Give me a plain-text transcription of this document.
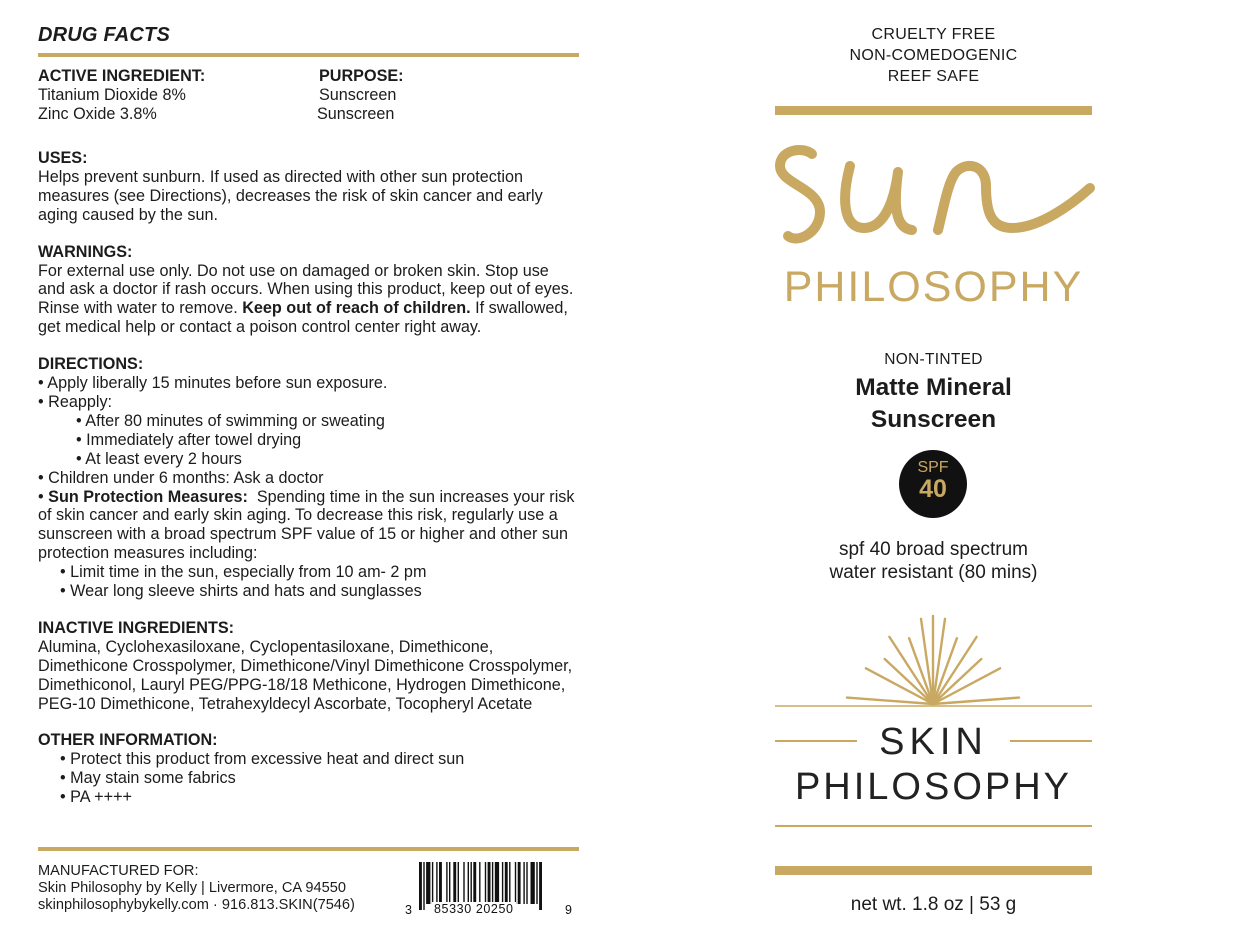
DRUG FACTS
ACTIVE INGREDIENT:
Titanium Dioxide 8%
Zinc Oxide 3.8%
PURPOSE:
Sunscreen
Sunscreen
USES:
Helps prevent sunburn. If used as directed with other sun protection measures (see Directions), decreases the risk of skin cancer and early aging caused by the sun.
WARNINGS:
For external use only. Do not use on damaged or broken skin. Stop use and ask a doctor if rash occurs. When using this product, keep out of eyes. Rinse with water to remove. Keep out of reach of children. If swallowed, get medical help or contact a poison control center right away.
DIRECTIONS:
• Apply liberally 15 minutes before sun exposure.
• Reapply:
• After 80 minutes of swimming or sweating
• Immediately after towel drying
• At least every 2 hours
• Children under 6 months: Ask a doctor
• Sun Protection Measures:  Spending time in the sun increases your risk of skin cancer and early skin aging. To decrease this risk, regularly use a sunscreen with a broad spectrum SPF value of 15 or higher and other sun protection measures including:
• Limit time in the sun, especially from 10 am- 2 pm
• Wear long sleeve shirts and hats and sunglasses
INACTIVE INGREDIENTS:
Alumina, Cyclohexasiloxane, Cyclopentasiloxane, Dimethicone, Dimethicone Crosspolymer, Dimethicone/Vinyl Dimethicone Crosspolymer, Dimethiconol, Lauryl PEG/PPG-18/18 Methicone, Hydrogen Dimethicone, PEG-10 Dimethicone, Tetrahexyldecyl Ascorbate, Tocopheryl Acetate
OTHER INFORMATION:
• Protect this product from excessive heat and direct sun
• May stain some fabrics
• PA ++++
MANUFACTURED FOR:
Skin Philosophy by Kelly | Livermore, CA 94550
skinphilosophybykelly.com · 916.813.SKIN(7546)	3 85330 20250	9
CRUELTY FREE
NON-COMEDOGENIC
REEF SAFE
PHILOSOPHY
NON-TINTED
Matte Mineral
Sunscreen
SPF
40
spf 40 broad spectrum
water resistant (80 mins)
SKIN
PHILOSOPHY
net wt. 1.8 oz | 53 g
